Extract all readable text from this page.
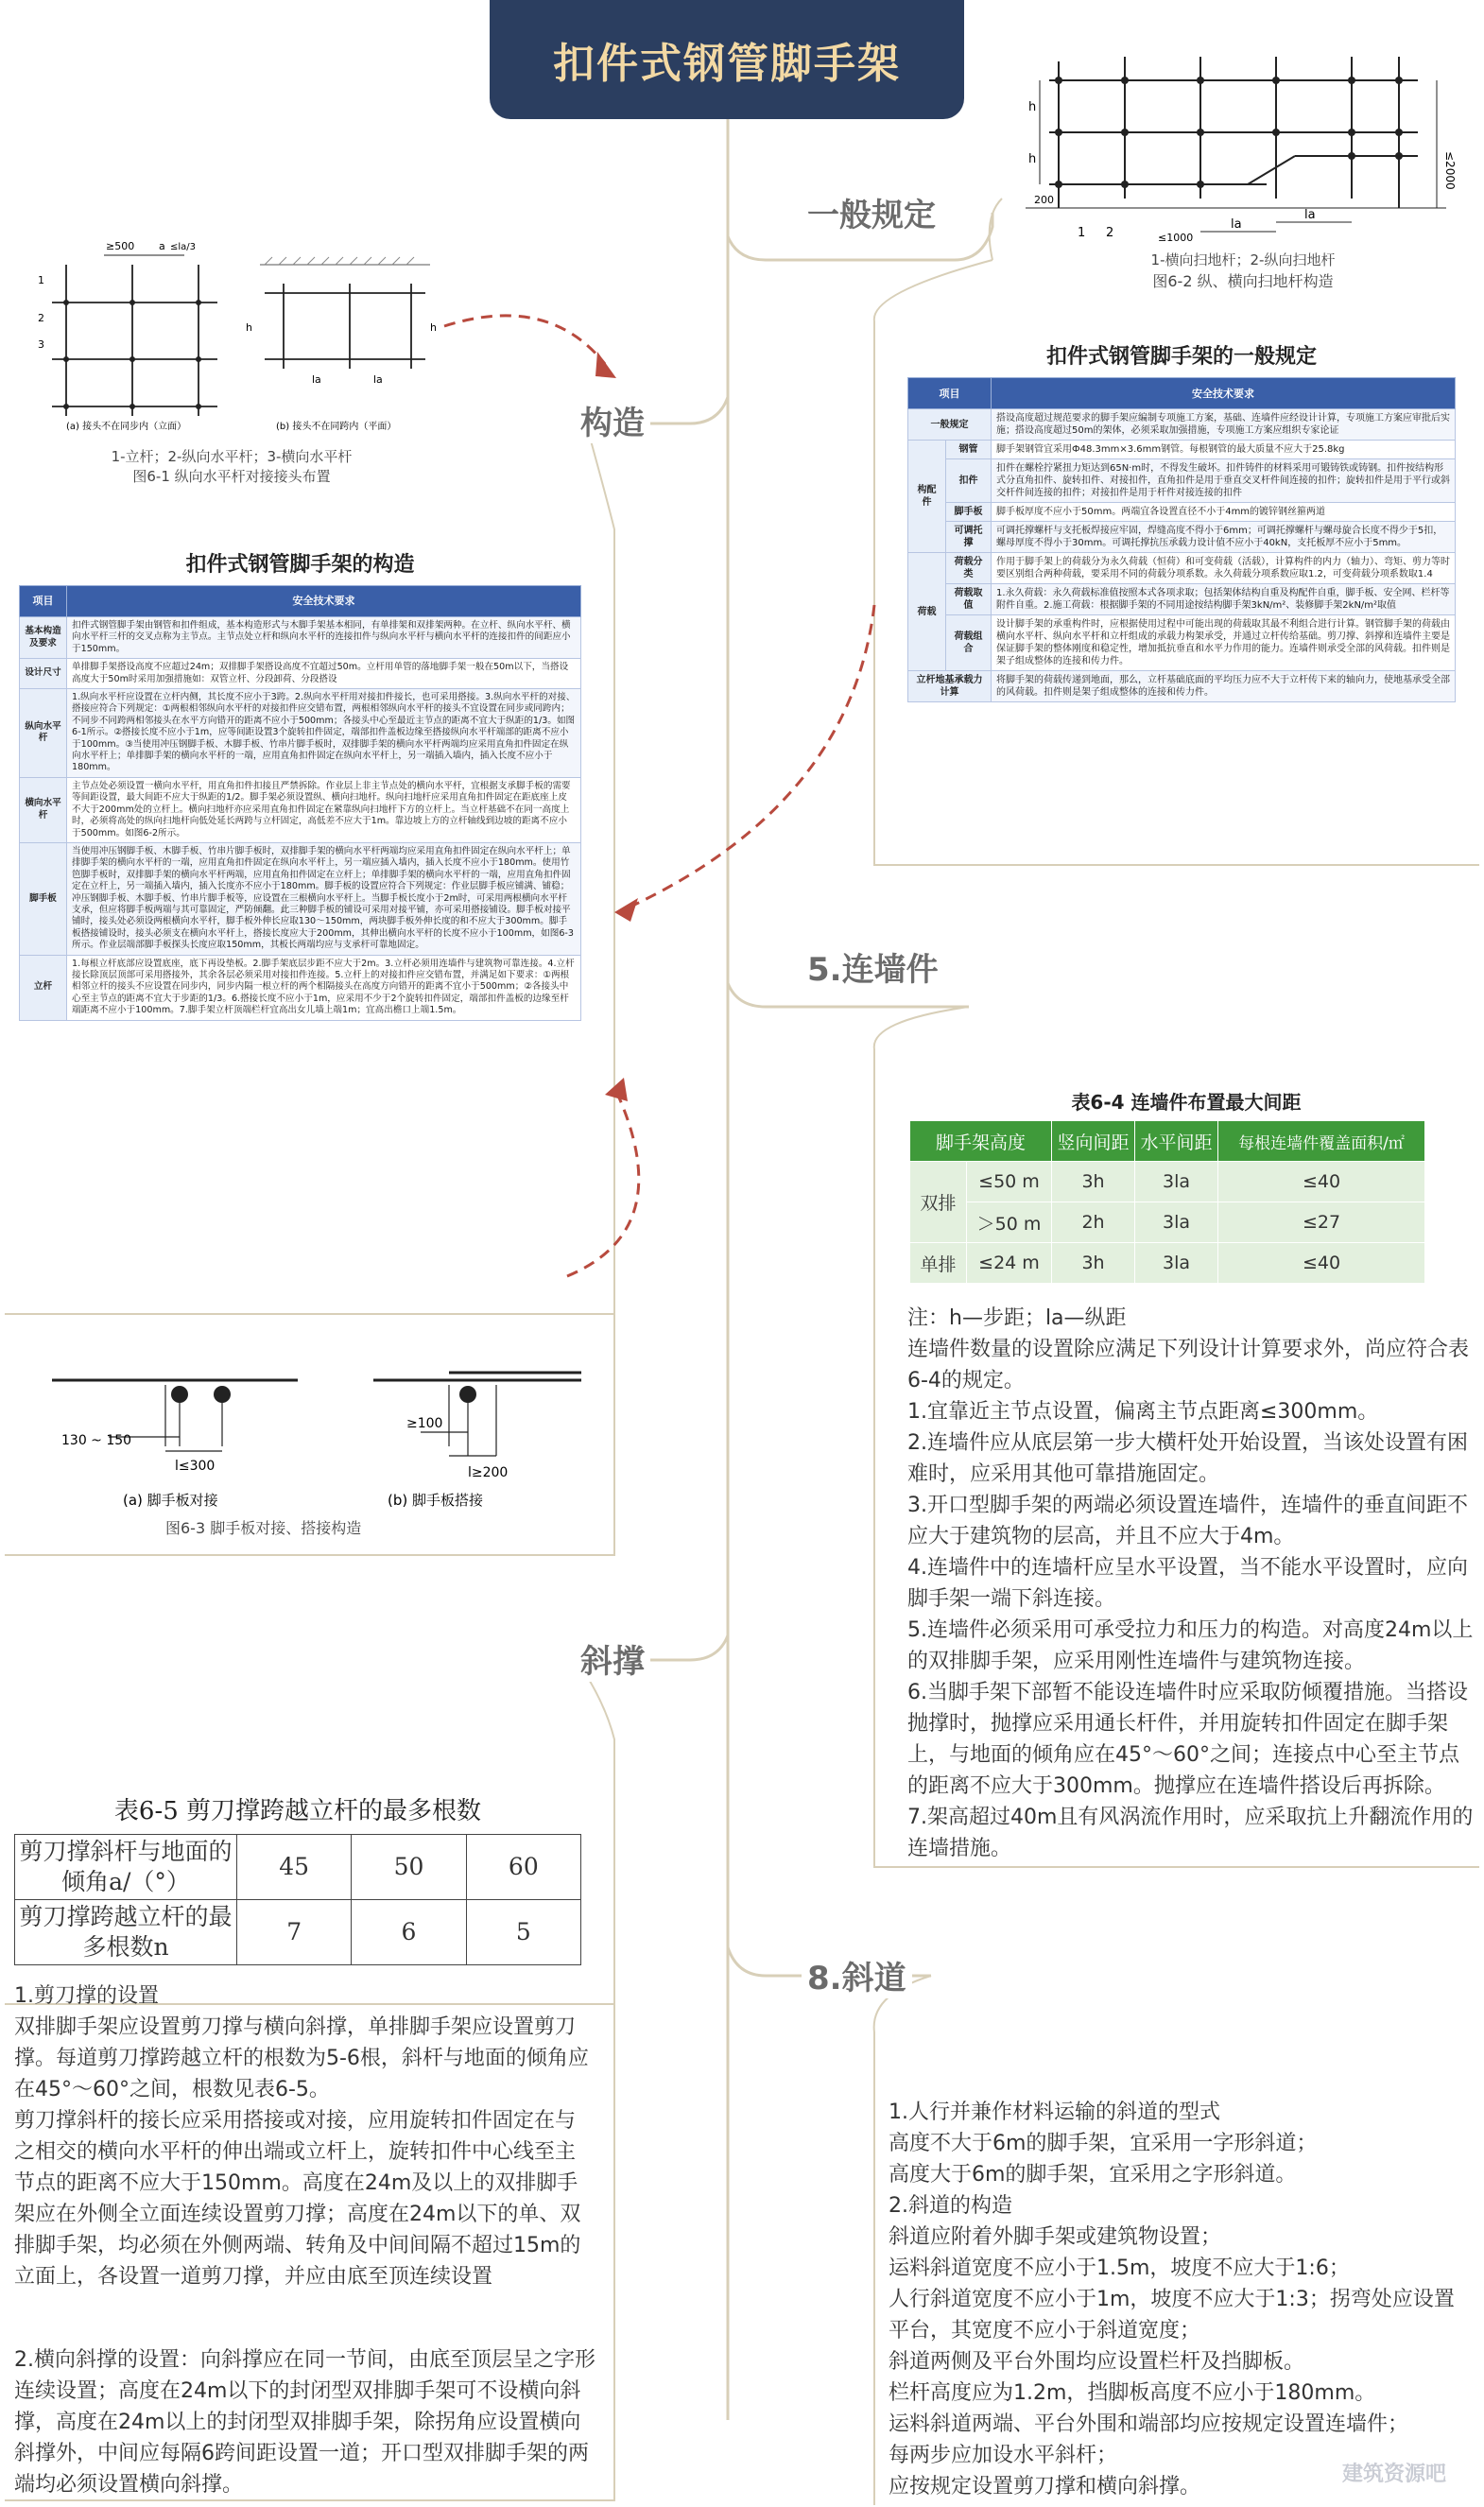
扣件式钢管脚手架
一般规定
构造
5.连墙件
斜撑
8.斜道
h
h	≤2000
200
1 2	≤1000
la
la
1-横向扫地杆；2-纵向扫地杆
图6-2 纵、横向扫地杆构造
≥500 a ≤la/3
1
2
3
la	la
h
h
(a) 接头不在同步内（立面）	(b) 接头不在同跨内（平面）
1-立杆；2-纵向水平杆；3-横向水平杆
图6-1 纵向水平杆对接接头布置
扣件式钢管脚手架的一般规定
项目		安全技术要求
一般规定		搭设高度超过规范要求的脚手架应编制专项施工方案，基础、连墙件应经设计计算，专项施工方案应审批后实施；搭设高度超过50m的架体，必须采取加强措施，专项施工方案应组织专家论证
构配件	钢管	脚手架钢管宜采用Ф48.3mm×3.6mm钢管。每根钢管的最大质量不应大于25.8kg
	扣件	扣件在螺栓拧紧扭力矩达到65N·m时，不得发生破坏。扣件铸件的材料采用可锻铸铁或铸钢。扣件按结构形式分直角扣件、旋转扣件、对接扣件，直角扣件是用于垂直交叉杆件间连接的扣件；旋转扣件是用于平行或斜交杆件间连接的扣件；对接扣件是用于杆件对接连接的扣件
	脚手板	脚手板厚度不应小于50mm。两端宜各设置直径不小于4mm的镀锌钢丝箍两道
	可调托撑	可调托撑螺杆与支托板焊接应牢固，焊缝高度不得小于6mm；可调托撑螺杆与螺母旋合长度不得少于5扣，螺母厚度不得小于30mm。可调托撑抗压承载力设计值不应小于40kN，支托板厚不应小于5mm。
荷载	荷载分类	作用于脚手架上的荷载分为永久荷载（恒荷）和可变荷载（活载），计算构件的内力（轴力）、弯矩、剪力等时要区别组合两种荷载，要采用不同的荷载分项系数。永久荷载分项系数应取1.2，可变荷载分项系数取1.4
	荷载取值	1.永久荷载：永久荷载标准值按照本式各项求取；包括架体结构自重及构配件自重，脚手板、安全网、栏杆等附件自重。2.施工荷载：根据脚手架的不同用途按结构脚手架3kN/m²、装修脚手架2kN/m²取值
	荷载组合	设计脚手架的承重构件时，应根据使用过程中可能出现的荷载取其最不利组合进行计算。钢管脚手架的荷载由横向水平杆、纵向水平杆和立杆组成的承载力构架承受，并通过立杆传给基础。剪刀撑、斜撑和连墙件主要是保证脚手架的整体刚度和稳定性，增加抵抗垂直和水平力作用的能力。连墙件则承受全部的风荷载。扣件则是架子组成整体的连接和传力件。
立杆地基承载力计算		将脚手架的荷载传递到地面，那么，立杆基础底面的平均压力应不大于立杆传下来的轴向力，使地基承受全部的风荷载。扣件则是架子组成整体的连接和传力件。
扣件式钢管脚手架的构造
项目	安全技术要求
基本构造及要求	扣件式钢管脚手架由钢管和扣件组成，基本构造形式与木脚手架基本相同，有单排架和双排架两种。在立杆、纵向水平杆、横向水平杆三杆的交叉点称为主节点。主节点处立杆和纵向水平杆的连接扣件与纵向水平杆与横向水平杆的连接扣件的间距应小于150mm。
设计尺寸	单排脚手架搭设高度不应超过24m；双排脚手架搭设高度不宜超过50m。立杆用单管的落地脚手架一般在50m以下，当搭设高度大于50m时采用加强措施如：双管立杆、分段卸荷、分段搭设
纵向水平杆	1.纵向水平杆应设置在立杆内侧，其长度不应小于3跨。2.纵向水平杆用对接扣件接长，也可采用搭接。3.纵向水平杆的对接、搭接应符合下列规定：①两根相邻纵向水平杆的对接扣件应交错布置，两根相邻纵向水平杆的接头不宜设置在同步或同跨内；不同步不同跨两相邻接头在水平方向错开的距离不应小于500mm；各接头中心至最近主节点的距离不宜大于纵距的1/3。如图6-1所示。②搭接长度不应小于1m，应等间距设置3个旋转扣件固定，端部扣件盖板边缘至搭接纵向水平杆端部的距离不应小于100mm。③当使用冲压钢脚手板、木脚手板、竹串片脚手板时，双排脚手架的横向水平杆两端均应采用直角扣件固定在纵向水平杆上；单排脚手架的横向水平杆的一端，应用直角扣件固定在纵向水平杆上，另一端插入墙内，插入长度不应小于180mm。
横向水平杆	主节点处必须设置一横向水平杆，用直角扣件扣接且严禁拆除。作业层上非主节点处的横向水平杆，宜根据支承脚手板的需要等间距设置，最大间距不应大于纵距的1/2。脚手架必须设置纵、横向扫地杆。纵向扫地杆应采用直角扣件固定在距底座上皮不大于200mm处的立杆上。横向扫地杆亦应采用直角扣件固定在紧靠纵向扫地杆下方的立杆上。当立杆基础不在同一高度上时，必须将高处的纵向扫地杆向低处延长两跨与立杆固定，高低差不应大于1m。靠边坡上方的立杆轴线到边坡的距离不应小于500mm。如图6-2所示。
脚手板	当使用冲压钢脚手板、木脚手板、竹串片脚手板时，双排脚手架的横向水平杆两端均应采用直角扣件固定在纵向水平杆上；单排脚手架的横向水平杆的一端，应用直角扣件固定在纵向水平杆上，另一端应插入墙内，插入长度不应小于180mm。使用竹笆脚手板时，双排脚手架的横向水平杆两端，应用直角扣件固定在立杆上；单排脚手架的横向水平杆的一端，应用直角扣件固定在立杆上，另一端插入墙内，插入长度亦不应小于180mm。脚手板的设置应符合下列规定：作业层脚手板应铺满、铺稳；冲压钢脚手板、木脚手板、竹串片脚手板等，应设置在三根横向水平杆上。当脚手板长度小于2m时，可采用两根横向水平杆支承，但应将脚手板两端与其可靠固定，严防倾翻。此三种脚手板的铺设可采用对接平铺，亦可采用搭接铺设。脚手板对接平铺时，接头处必须设两根横向水平杆，脚手板外伸长应取130～150mm，两块脚手板外伸长度的和不应大于300mm。脚手板搭接铺设时，接头必须支在横向水平杆上，搭接长度应大于200mm，其伸出横向水平杆的长度不应小于100mm，如图6-3所示。作业层端部脚手板探头长度应取150mm，其板长两端均应与支承杆可靠地固定。
立杆	1.每根立杆底部应设置底座，底下再设垫板。2.脚手架底层步距不应大于2m。3.立杆必须用连墙件与建筑物可靠连接。4.立杆接长除顶层顶部可采用搭接外，其余各层必须采用对接扣件连接。5.立杆上的对接扣件应交错布置，并满足如下要求：①两根相邻立杆的接头不应设置在同步内，同步内隔一根立杆的两个相隔接头在高度方向错开的距离不宜小于500mm；②各接头中心至主节点的距离不宜大于步距的1/3。6.搭接长度不应小于1m，应采用不少于2个旋转扣件固定，端部扣件盖板的边缘至杆端距离不应小于100mm。7.脚手架立杆顶端栏杆宜高出女儿墙上端1m；宜高出檐口上端1.5m。
130 ~ 150
l≤300
≥100
l≥200
(a) 脚手板对接	(b) 脚手板搭接
图6-3 脚手板对接、搭接构造
表6-4 连墙件布置最大间距
脚手架高度		竖向间距	水平间距	每根连墙件覆盖面积/㎡
双排	≤50 m	3h	3la	≤40
	＞50 m	2h	3la	≤27
单排	≤24 m	3h	3la	≤40

注：h—步距；la—纵距

连墙件数量的设置除应满足下列设计计算要求外，尚应符合表6-4的规定。

1.宜靠近主节点设置，偏离主节点距离≤300mm。

2.连墙件应从底层第一步大横杆处开始设置，当该处设置有困难时，应采用其他可靠措施固定。

3.开口型脚手架的两端必须设置连墙件，连墙件的垂直间距不应大于建筑物的层高，并且不应大于4m。

4.连墙件中的连墙杆应呈水平设置，当不能水平设置时，应向脚手架一端下斜连接。

5.连墙件必须采用可承受拉力和压力的构造。对高度24m以上的双排脚手架，应采用刚性连墙件与建筑物连接。

6.当脚手架下部暂不能设连墙件时应采取防倾覆措施。当搭设抛撑时，抛撑应采用通长杆件，并用旋转扣件固定在脚手架上，与地面的倾角应在45°～60°之间；连接点中心至主节点的距离不应大于300mm。抛撑应在连墙件搭设后再拆除。

7.架高超过40m且有风涡流作用时，应采取抗上升翻流作用的连墙措施。

表6-5 剪刀撑跨越立杆的最多根数
剪刀撑斜杆与地面的倾角a/（°）	45	50	60
剪刀撑跨越立杆的最多根数n	7	6	5

1.剪刀撑的设置

双排脚手架应设置剪刀撑与横向斜撑，单排脚手架应设置剪刀撑。每道剪刀撑跨越立杆的根数为5-6根，斜杆与地面的倾角应在45°～60°之间，根数见表6-5。

剪刀撑斜杆的接长应采用搭接或对接，应用旋转扣件固定在与之相交的横向水平杆的伸出端或立杆上，旋转扣件中心线至主节点的距离不应大于150mm。高度在24m及以上的双排脚手架应在外侧全立面连续设置剪刀撑；高度在24m以下的单、双排脚手架，均必须在外侧两端、转角及中间间隔不超过15m的立面上，各设置一道剪刀撑，并应由底至顶连续设置

2.横向斜撑的设置：向斜撑应在同一节间，由底至顶层呈之字形连续设置；高度在24m以下的封闭型双排脚手架可不设横向斜撑，高度在24m以上的封闭型双排脚手架，除拐角应设置横向斜撑外，中间应每隔6跨间距设置一道；开口型双排脚手架的两端均必须设置横向斜撑。

1.人行并兼作材料运输的斜道的型式

高度不大于6m的脚手架，宜采用一字形斜道；

高度大于6m的脚手架，宜采用之字形斜道。

2.斜道的构造

斜道应附着外脚手架或建筑物设置；

运料斜道宽度不应小于1.5m，坡度不应大于1:6；

人行斜道宽度不应小于1m，坡度不应大于1:3；拐弯处应设置平台，其宽度不应小于斜道宽度；

斜道两侧及平台外围均应设置栏杆及挡脚板。

栏杆高度应为1.2m，挡脚板高度不应小于180mm。

运料斜道两端、平台外围和端部均应按规定设置连墙件；

每两步应加设水平斜杆；

应按规定设置剪刀撑和横向斜撑。

建筑资源吧
